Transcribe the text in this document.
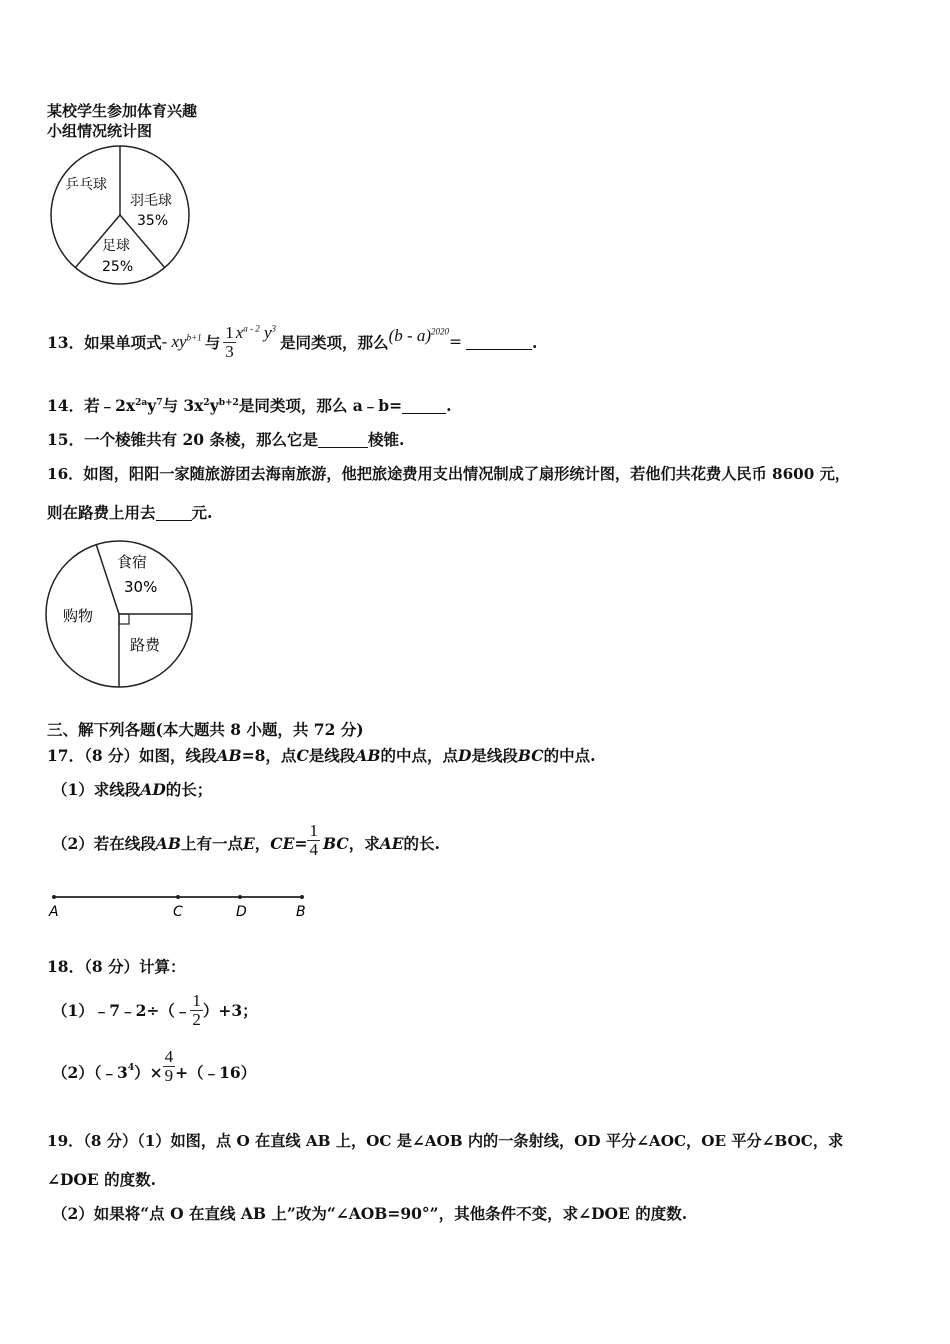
某校学生参加体育兴趣
小组情况统计图
乒乓球
羽毛球
35%
足球
25%
13． 如果单项式 - $xy^{b+1}$ 与 $\frac{1}{3} x^{a - 2}$ $y^3$
是同类项，那么 (b - a)$^{2020}$
=	.
14．若$﹣2x^{2a}y^7$与 $3x^2y^{b+2}$是同类项，那么 a﹣b=	.
15．一个棱锥共有 20 条棱，那么它是	棱锥.
16．如图，阳阳一家随旅游团去海南旅游，他把旅途费用支出情况制成了扇形统计图，若他们共花费人民币 8600 元，
则在路费上用去 元.
食宿
30%
购物
路费
三、解下列各题(本大题共 8 小题，共 72 分)
17．（8 分）如图，线段AB=8，点C是线段AB的中点，点D是线段BC的中点.
（1）求线段AD的长；
（2）若在线段 AB 上有一点 E ， CE = $\frac{1}{4}$ BC ，求 AE 的长.
A	C	D	B
18．（8 分）计算：
（1）﹣7﹣2÷（﹣ $\frac{1}{2} )+3$；
$(2)(﹣3^4$ ）× $\frac{4}{9}$ +（﹣16）
19．（8 分）（1）如图，点 O 在直线 AB 上，OC 是∠AOB 内的一条射线，OD 平分∠AOC，OE 平分∠BOC，求
∠DOE 的度数.
（2）如果将“点 O 在直线 AB 上”改为“∠AOB=90°”，其他条件不变，求∠DOE 的度数.
